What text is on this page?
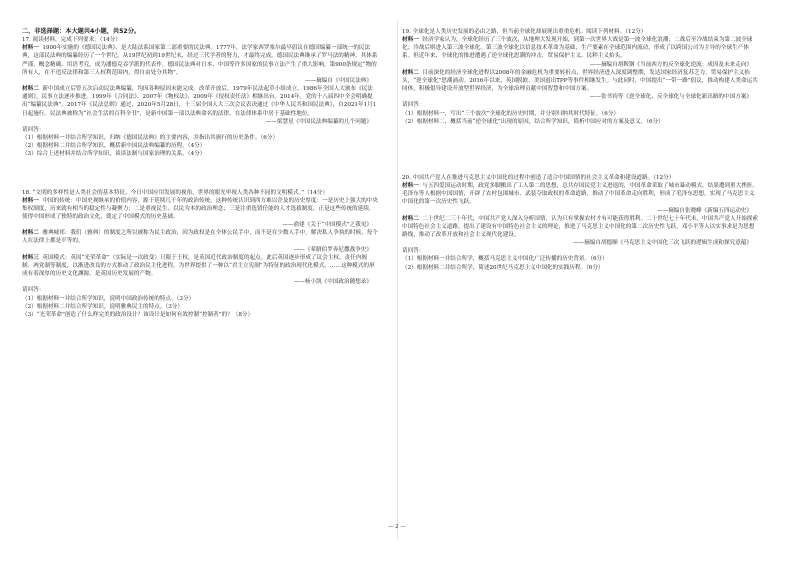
二、非选择题：本大题共4小题，共52分。

17. 阅读材料，完成下列要求。（14分）

材料一 1900年实施的《德国民法典》，是大陆法系国家第二部重要的民法典。1777年，法学家西罗塞尔最早倡议在德国编纂一部统一的民法典，这部民法典的编纂经历了一个世纪，从19世纪初到19世纪末，经过三代学者的努力，才最终完成。德国民法典继承了罗马法的精神，其体系严谨、概念精确、用语考究，成为潘德克吞学派的代表作。德国民法典对日本、中国等许多国家的民事立法产生了重大影响。第900条规定“物的所有人，在不违反法律和第三人权利范围内，得自由处分其物”。

——摘编自《中国民法典》

材料二 新中国成立后曾五次启动民法典编纂，均因各种原因未能完成。改革开放后，1979年民法起草小组成立，1986年全国人大颁布《民法通则》，民事立法逐步推进。1999年《合同法》、2007年《物权法》、2009年《侵权责任法》相继出台。2014年，党的十八届四中全会明确提出“编纂民法典”。2017年《民法总则》通过，2020年5月28日，十三届全国人大三次会议表决通过《中华人民共和国民法典》，自2021年1月1日起施行。民法典被称为“社会生活的百科全书”，是新中国第一部以法典命名的法律，在法律体系中居于基础性地位。

——梁慧星《中国民法典编纂的几个问题》

请回答：

（1）根据材料一并结合所学知识，归纳《德国民法典》的主要内容，并指出其颁行的历史条件。（6分）

（2）根据材料二并结合所学知识，概括新中国民法典编纂的历程。（4分）

（3）综合上述材料并结合所学知识，谈谈法制与国家治理的关系。（4分）

18. “文明的多样性是人类社会的基本特征，今日中国应用发展的视角，世界的眼光审视人类各种不同的文明模式。”（14分）

材料一 中国的传统：中国史观继承的价值内容，源于延续几千年的政治传统。这种传统认识到西方难以企及的历史厚度：一是历史上强大的中央集权制度，历来就有相当的稳定性与凝聚力；二是重视民生、以民为本的政治理念；三是注重选贤任能的人才选拔制度。正是这些传统的延续，使得中国形成了独特的政治文化，奠定了中国模式的历史基础。

——俞建《关于“中国模式”之我见》

材料二 雅典城邦：我们（雅典）的制度之所以被称为民主政治，因为政权是在全体公民手中，而不是在少数人手中。解决私人争执的时候，每个人在法律上都是平等的。

——《希腊伯罗奔尼撒战争史》

材料三 英国模式：英国“光荣革命”（实际是一次政变）只限于王权，是英国近代政治制度的起点。此后英国逐步形成了议会主权、责任内阁制、两党制等制度，以渐进改良的方式推动了政治民主化进程，为世界提供了一种以“君主立宪制”为特征的政治现代化模式。……这种模式的形成有着深厚的历史文化渊源，是英国历史发展的产物。

——杨小凯《中国政治随想录》

请回答：

（1）根据材料一并结合所学知识，说明中国政治传统的特点。（3分）

（2）根据材料二并结合所学知识，说明雅典民主的特点。（3分）

（3）“光荣革命”创造了什么样完美的政治设计？该设计是如何有效控制“控制者”的？（8分）

19. 全球化是人类历史发展的必由之路，但当前全球化却展现出重重危机。阅读下列材料。（12分）

材料一 经济学家认为，全球化经历了三个波次，从地理大发现开始，到第一次世界大战是第一波全球化浪潮；二战后至冷战结束为第二波全球化；冷战后则进入第三波全球化。第三波全球化以信息技术革命为基础，生产要素在全球范围内流动，形成了以跨国公司为主导的全球生产体系。但近年来，全球化的推进遭遇了逆全球化思潮的冲击，贸易保护主义、民粹主义抬头。

——摘编自胡鞍钢《当前西方的反全球化逆流：成因及未来走向》

材料二 目前深化的经济全球化进程以2008年的金融危机为重要转折点，世界经济进入深度调整期，发达国家经济复苏乏力，贸易保护主义抬头，“逆全球化”思潮涌动。2016年以来，英国脱欧、美国退出TPP等事件相继发生。与此同时，中国提出“一带一路”倡议，推动构建人类命运共同体，积极倡导建设开放型世界经济，为全球治理贡献中国智慧和中国方案。

——张书钧等《逆全球化、反全球化与全球化新出路的中国方案》

请回答：

（1）根据材料一，写出“三个波次”全球化的历史时期，并分别归纳其时代特征。（6分）

（2）根据材料二，概括当前“逆全球化”出现的原因，结合所学知识，简析中国应对的方案及意义。（6分）

20. 中国共产党人在推进马克思主义中国化的过程中创造了适合中国国情的社会主义革命和建设道路。（12分）

材料一 与五四爱国运动时期，政党多脚搬出了工人第二的思想，总共存国民党主义进退的，中国革命采取了城市暴动模式，结果遭到重大挫折。毛泽东等人根据中国国情，开辟了农村包围城市、武装夺取政权的革命道路，推动了中国革命走向胜利，形成了毛泽东思想，实现了马克思主义中国化的第一次历史性飞跃。

——摘编自张晓峰《新编五四运动史》

材料二 二十世纪二三十年代，中国共产党人深入分析国情，认为只有掌握农村才有可能获得胜利。二十世纪七十年代末，中国共产党人开始探索中国特色社会主义道路，提出了建设有中国特色社会主义的理论，推进了马克思主义中国化的第二次历史性飞跃。邓小平等人以实事求是为思想路线，推动了改革开放和社会主义现代化建设。

——摘编自胡德顺《马克思主义中国化三次飞跃的逻辑生成和探究意蕴》

请回答：

（1）根据材料一并结合所学，概括马克思主义中国化广泛传播的历史背景。（6分）

（2）根据材料二并结合所学，简述20世纪马克思主义中国化的实践历程。（6分）

— 2 —
